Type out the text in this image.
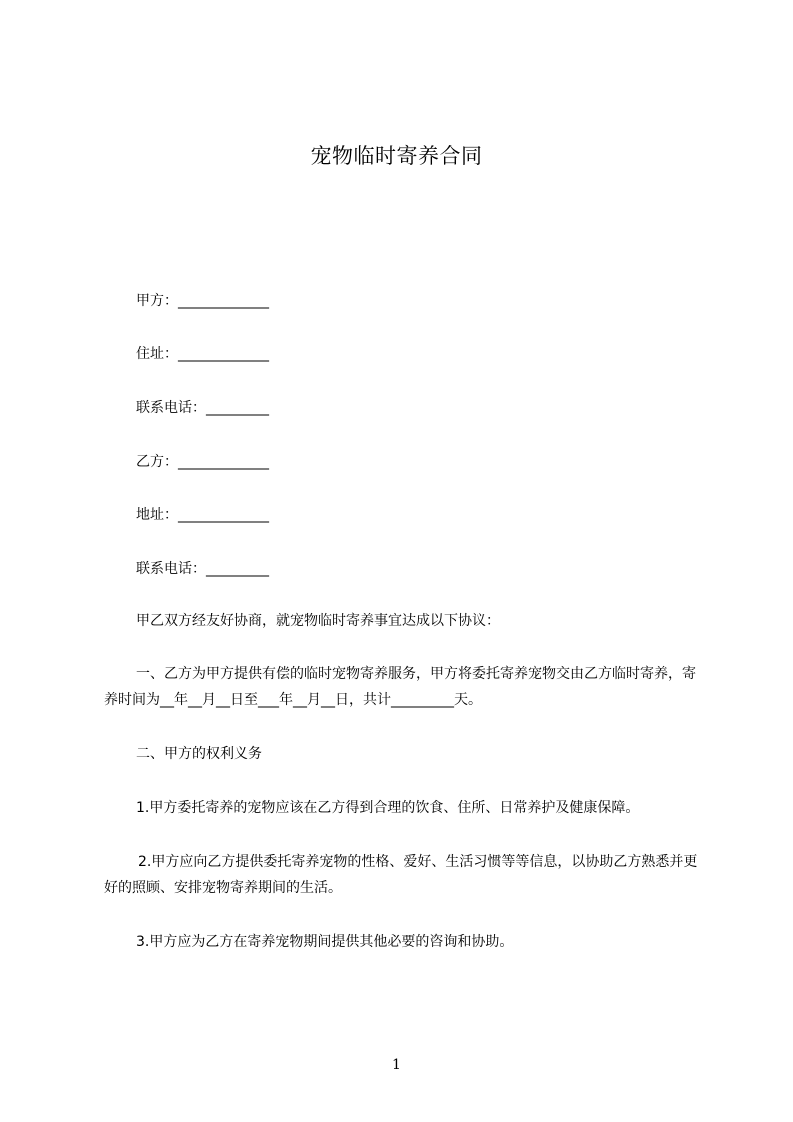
宠物临时寄养合同
甲方：_____________
住址：_____________
联系电话：_________
乙方：_____________
地址：_____________
联系电话：_________
甲乙双方经友好协商，就宠物临时寄养事宜达成以下协议：
一、乙方为甲方提供有偿的临时宠物寄养服务，甲方将委托寄养宠物交由乙方临时寄养，寄养时间为__年__月__日至___年__月__日，共计_________天。
二、甲方的权利义务
1.甲方委托寄养的宠物应该在乙方得到合理的饮食、住所、日常养护及健康保障。
2.甲方应向乙方提供委托寄养宠物的性格、爱好、生活习惯等等信息，以协助乙方熟悉并更好的照顾、安排宠物寄养期间的生活。
3.甲方应为乙方在寄养宠物期间提供其他必要的咨询和协助。
1
